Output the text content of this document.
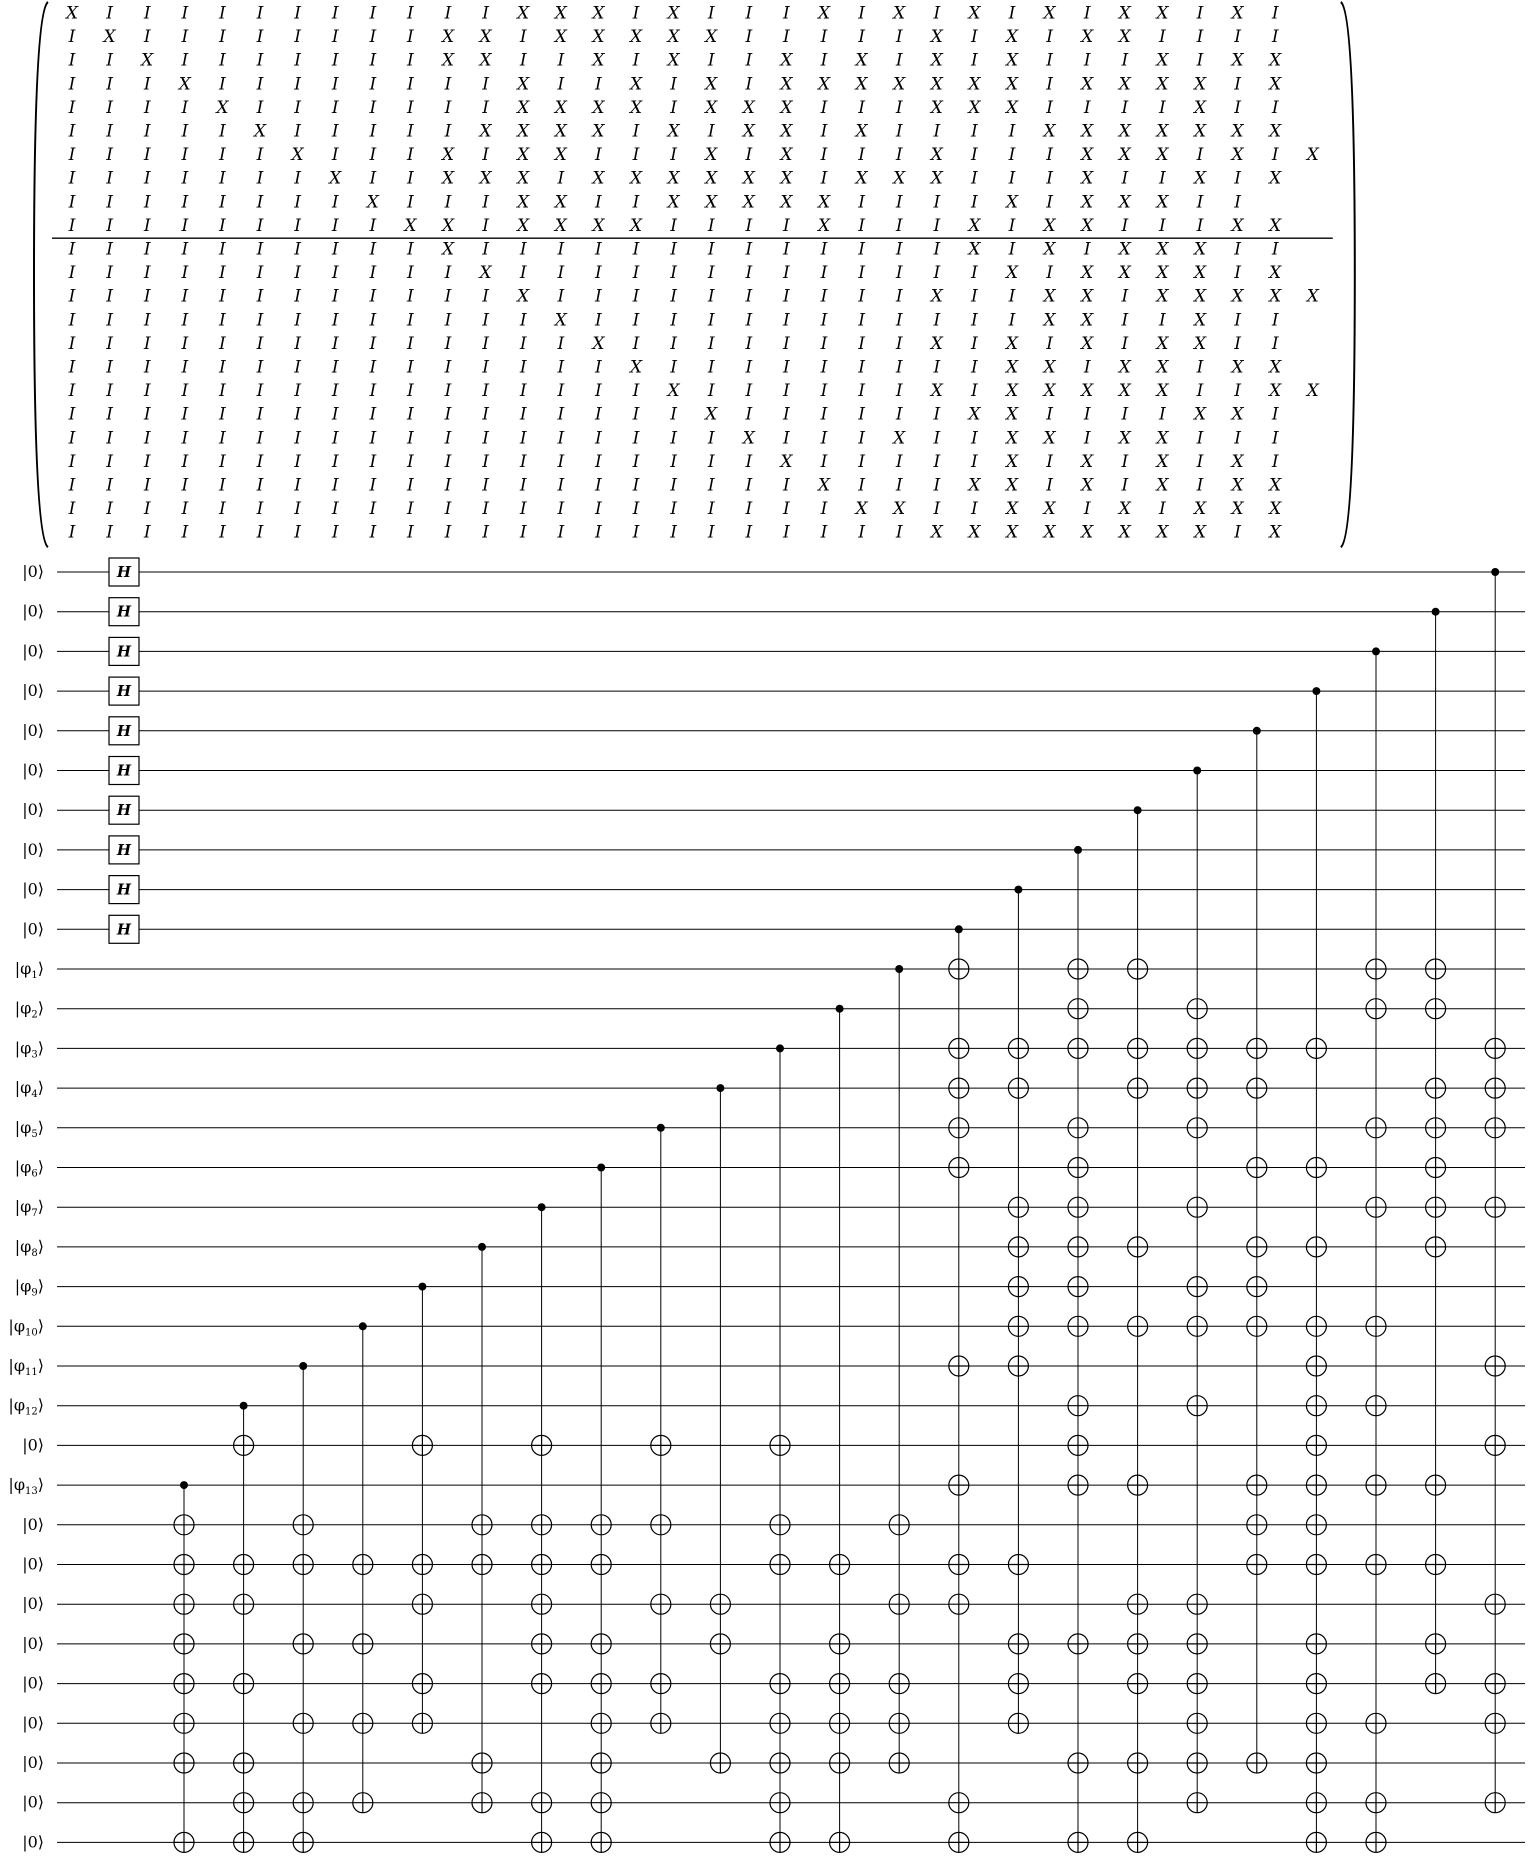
X I I I I I I I I I I I X X X I X I I I X I X I X I X I X X I X I
I X I I I I I I I I X X I X X X X X I I I I I X I X I X X I I I I
I I X I I I I I I I X X I I X I X I I X I X I X I X I I I X I X X
I I I X I I I I I I I I X I I X I X I X X X X X X X I X X X X I X
I I I I X I I I I I I I X X X X I X X X I I I X X X I I I I X I I
I I I I I X I I I I I X X X X I X I X X I X I I I I X X X X X X X
I I I I I I X I I I X I X X I I I X I X I I I X I I I X X X I X I X
I I I I I I I X I I X X X I X X X X X X I X X X I I I X I I X I X
I I I I I I I I X I I I X X I I X X X X X I I I I X I X X X I I
I I I I I I I I I X X I X X X X I I I I X I I I X I X X I I I X X
I I I I I I I I I I X I I I I I I I I I I I I I X I X I X X X I I
I I I I I I I I I I I X I I I I I I I I I I I I I X I X X X X I X
I I I I I I I I I I I I X I I I I I I I I I I X I I X X I X X X X X
I I I I I I I I I I I I I X I I I I I I I I I I I I X X I I X I I
I I I I I I I I I I I I I I X I I I I I I I I X I X I X I X X I I
I I I I I I I I I I I I I I I X I I I I I I I I I X X I X X I X X
I I I I I I I I I I I I I I I I X I I I I I I X I X X X X X I I X X
I I I I I I I I I I I I I I I I I X I I I I I I X X I I I I X X I
I I I I I I I I I I I I I I I I I I X I I I X I I X X I X X I I I
I I I I I I I I I I I I I I I I I I I X I I I I I X I X I X I X I
I I I I I I I I I I I I I I I I I I I I X I I I X X I X I X I X X
I I I I I I I I I I I I I I I I I I I I I X X I I X X I X I X X X
I I I I I I I I I I I I I I I I I I I I I I I X X X X X X X X I X
|0⟩
|0⟩
|0⟩
|0⟩
|0⟩
|0⟩
|0⟩
|0⟩
|0⟩
|0⟩
$|\varphi_1⟩$
$|\varphi_2⟩$
$|\varphi_3⟩$
$|\varphi_4⟩$
$|\varphi_5⟩$
$|\varphi_6⟩$
$|\varphi_7⟩$
$|\varphi_8⟩$
$|\varphi_9⟩$
$|\varphi_{10}⟩$
$|\varphi_{11}⟩$
$|\varphi_{12}⟩$
|0⟩
$|\varphi_{13}⟩$
|0⟩
|0⟩
|0⟩
|0⟩
|0⟩
|0⟩
|0⟩
|0⟩
|0⟩
H
H
H
H
H
H
H
H
H
H
